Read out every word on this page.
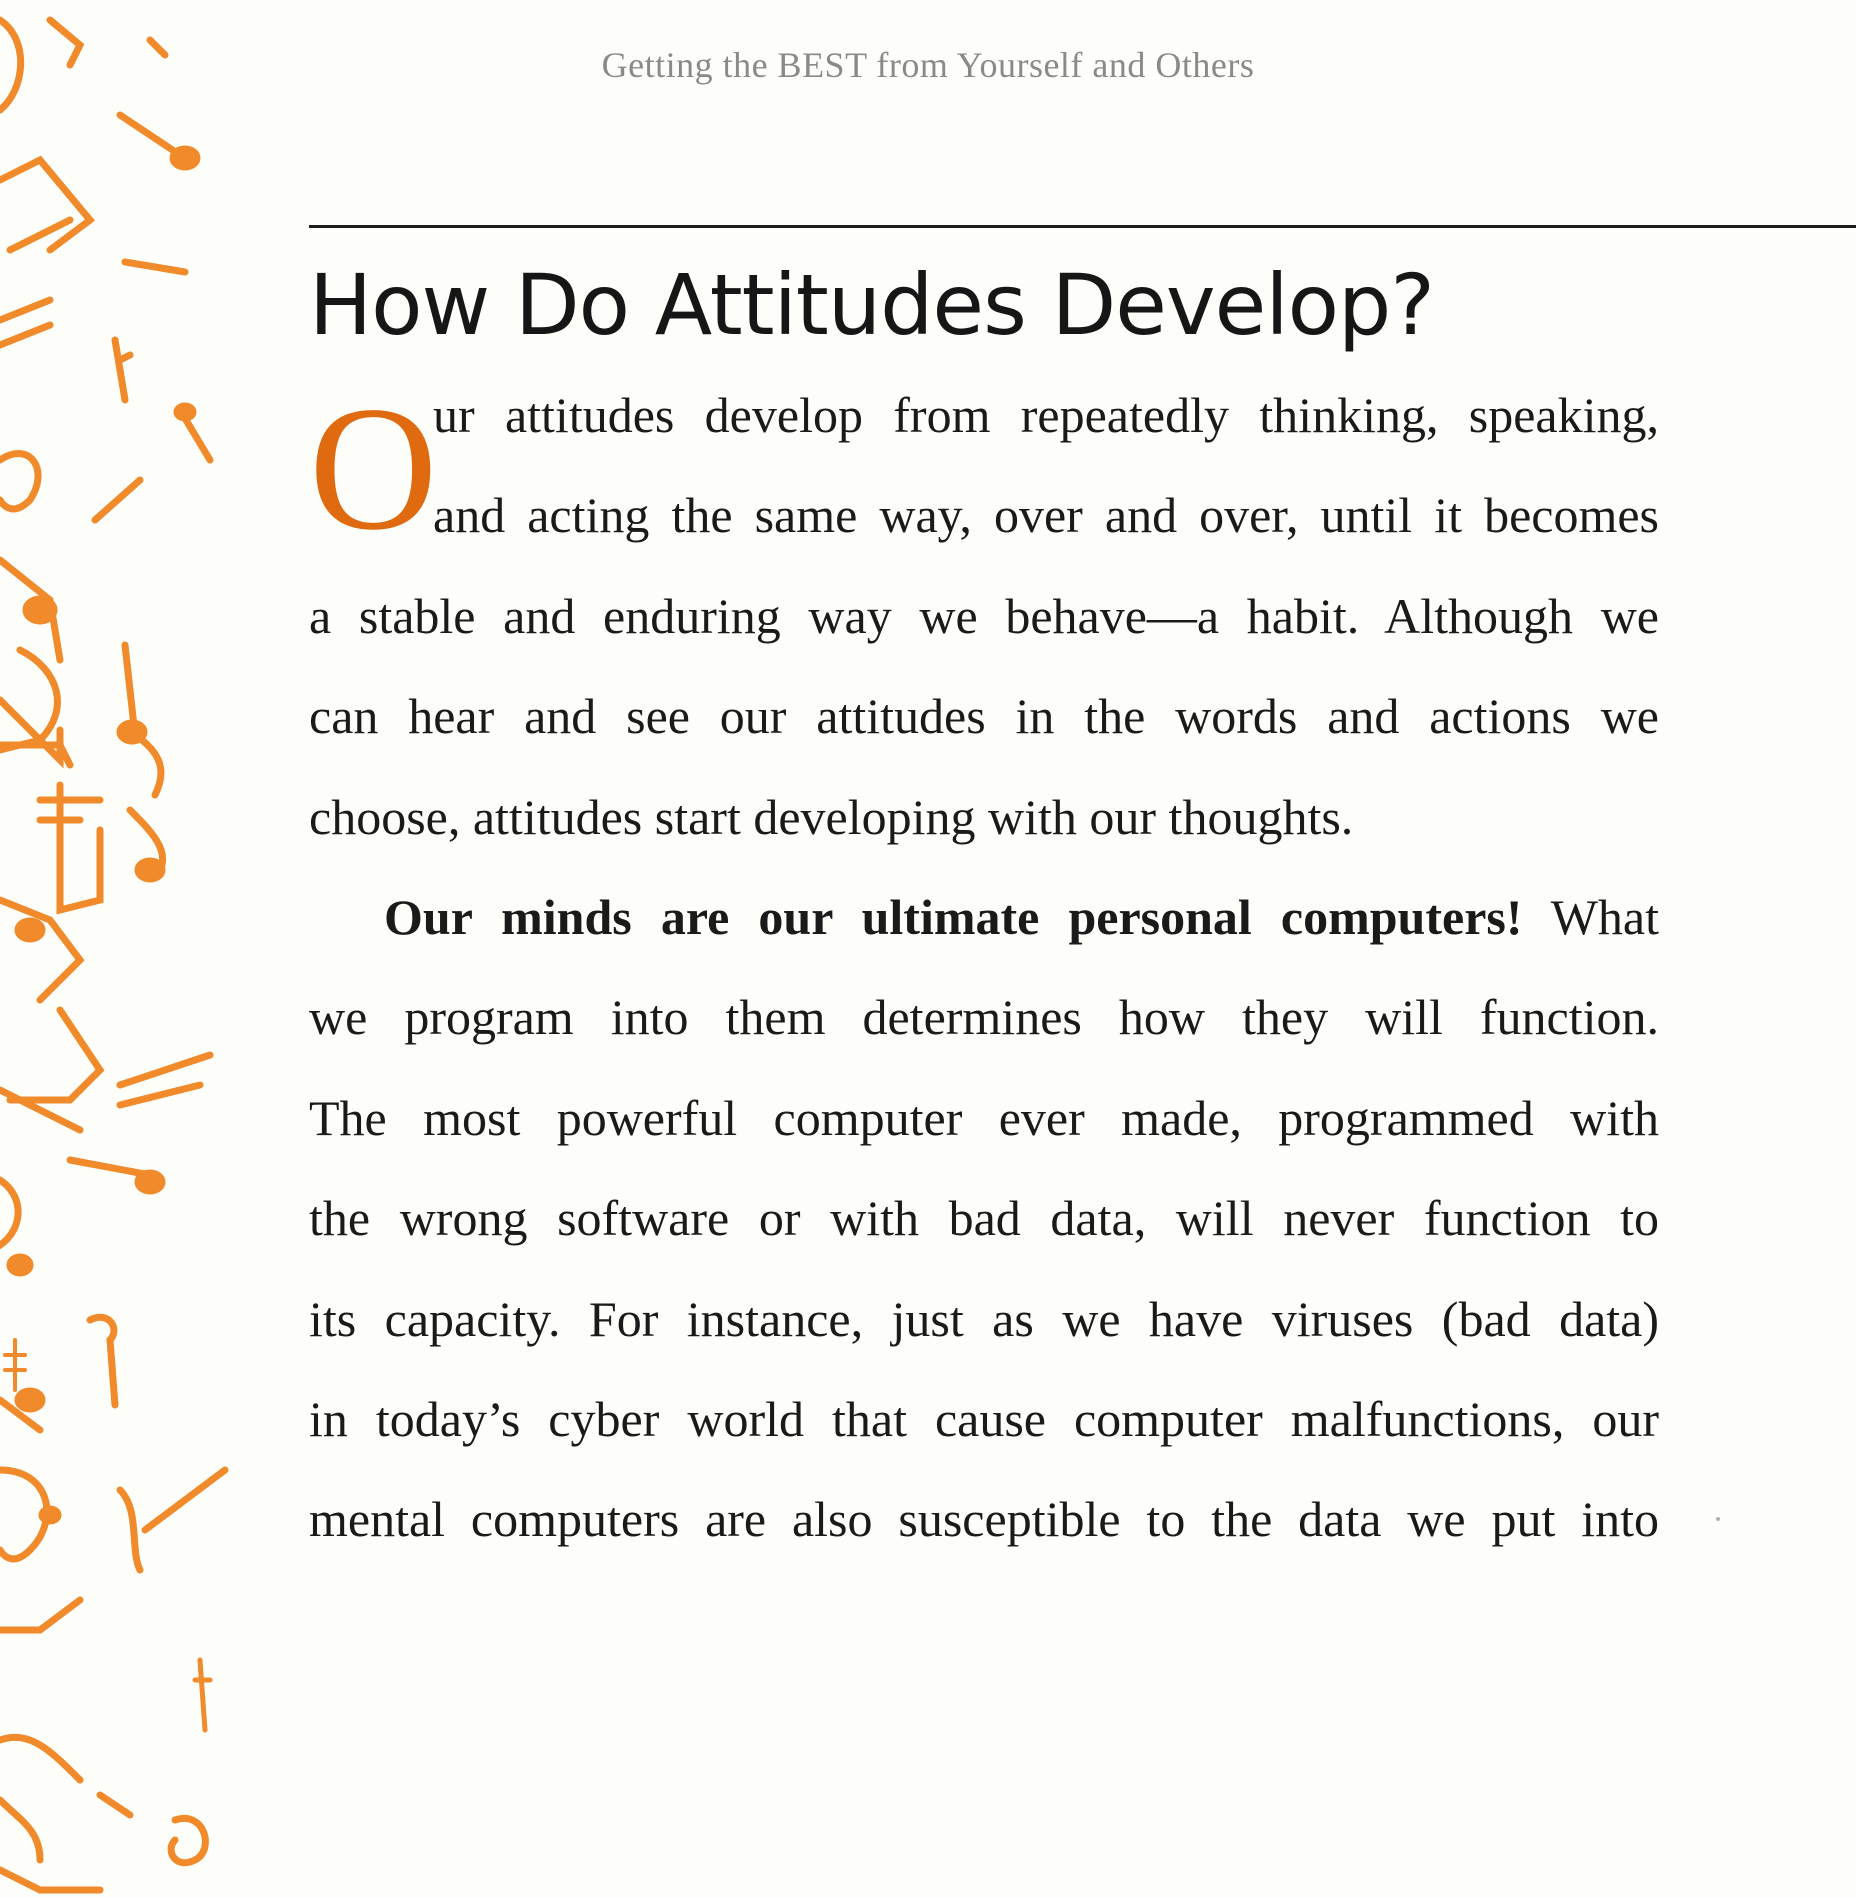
Getting the BEST from Yourself and Others
How Do Attitudes Develop?

O
ur attitudes develop from repeatedly thinking, speaking,
and acting the same way, over and over, until it becomes
a stable and enduring way we behave—a habit. Although we
can hear and see our attitudes in the words and actions we
choose, attitudes start developing with our thoughts.

Our minds are our ultimate personal computers! What
we program into them determines how they will function.
The most powerful computer ever made, programmed with
the wrong software or with bad data, will never function to
its capacity. For instance, just as we have viruses (bad data)
in today’s cyber world that cause computer malfunctions, our
mental computers are also susceptible to the data we put into
